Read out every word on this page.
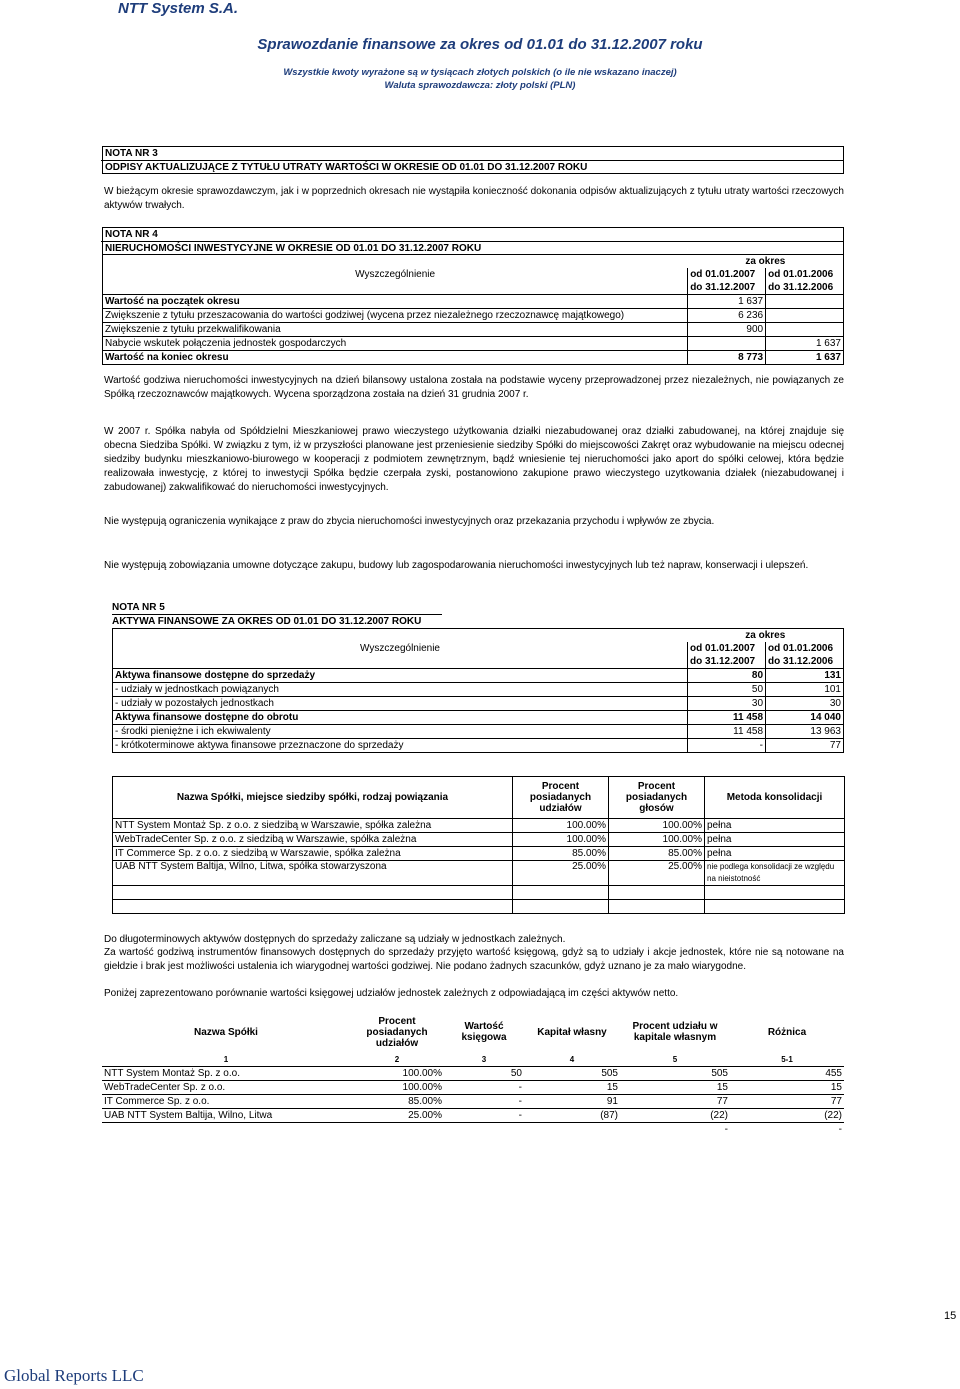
NTT System S.A.
Sprawozdanie finansowe za okres od 01.01 do 31.12.2007 roku
Wszystkie kwoty wyrażone są w tysiącach złotych polskich (o ile nie wskazano inaczej)
Waluta sprawozdawcza: złoty polski (PLN)
NOTA NR 3
ODPISY AKTUALIZUJĄCE Z TYTUŁU UTRATY WARTOŚCI W OKRESIE OD 01.01 DO 31.12.2007 ROKU
W bieżącym okresie sprawozdawczym, jak i w poprzednich okresach nie wystąpiła konieczność dokonania odpisów aktualizujących z tytułu utraty wartości rzeczowych aktywów trwałych.
NOTA NR 4
NIERUCHOMOŚCI INWESTYCYJNE W OKRESIE OD 01.01 DO 31.12.2007 ROKU
Wyszczególnienie	za okres	
	od 01.01.2007	od 01.01.2006
	do 31.12.2007	do 31.12.2006
Wartość na początek okresu	1 637	
Zwiększenie z tytułu przeszacowania do wartości godziwej (wycena przez niezależnego rzeczoznawcę majątkowego)	6 236	
Zwiększenie z tytułu przekwalifikowania	900	
Nabycie wskutek połączenia jednostek gospodarczych		1 637
Wartość na koniec okresu	8 773	1 637
Wartość godziwa nieruchomości inwestycyjnych na dzień bilansowy ustalona została na podstawie wyceny przeprowadzonej przez niezależnych, nie powiązanych ze Spółką rzeczoznawców majątkowych. Wycena sporządzona została na dzień 31 grudnia 2007 r.
W 2007 r. Spółka nabyła od Spółdzielni Mieszkaniowej prawo wieczystego użytkowania działki niezabudowanej oraz działki zabudowanej, na której znajduje się obecna Siedziba Spółki. W związku z tym, iż w przyszłości planowane jest przeniesienie siedziby Spółki do miejscowości Zakręt oraz wybudowanie na miejscu odecnej siedziby budynku mieszkaniowo-biurowego w kooperacji z podmiotem zewnętrznym, bądź wniesienie tej nieruchomości jako aport do spółki celowej, która będzie realizowała inwestycję, z której to inwestycji Spółka będzie czerpała zyski, postanowiono zakupione prawo wieczystego uzytkowania działek (niezabudowanej i zabudowanej) zakwalifikować do nieruchomości inwestycyjnych.
Nie występują ograniczenia wynikające z praw do zbycia nieruchomości inwestycyjnych oraz przekazania przychodu i wpływów ze zbycia.
Nie występują zobowiązania umowne dotyczące zakupu, budowy lub zagospodarowania nieruchomości inwestycyjnych lub też napraw, konserwacji i ulepszeń.
NOTA NR 5
AKTYWA FINANSOWE ZA OKRES OD 01.01 DO 31.12.2007 ROKU
Wyszczególnienie	za okres	
	od 01.01.2007	od 01.01.2006
	do 31.12.2007	do 31.12.2006
Aktywa finansowe dostępne do sprzedaży	80	131
- udziały w jednostkach powiązanych	50	101
- udziały w pozostałych jednostkach	30	30
Aktywa finansowe dostępne do obrotu	11 458	14 040
- środki pieniężne i ich ekwiwalenty	11 458	13 963
- krótkoterminowe aktywa finansowe przeznaczone do sprzedaży	-	77
Nazwa Spółki, miejsce siedziby spółki, rodzaj powiązania	Procent posiadanych udziałów	Procent posiadanych głosów	Metoda konsolidacji
NTT System Montaż Sp. z o.o. z siedzibą w Warszawie, spółka zależna	100.00%	100.00%	pełna
WebTradeCenter Sp. z o.o. z siedzibą w Warszawie, spółka zależna	100.00%	100.00%	pełna
IT Commerce Sp. z o.o. z siedzibą w Warszawie, spółka zależna	85.00%	85.00%	pełna
UAB NTT System Baltija, Wilno, Litwa, spółka stowarzyszona	25.00%	25.00%	nie podlega konsolidacji ze względu na nieistotność

Do długoterminowych aktywów dostępnych do sprzedaży zaliczane są udziały w jednostkach zależnych.
Za wartość godziwą instrumentów finansowych dostępnych do sprzedaży przyjęto wartość księgową, gdyż są to udziały i akcje jednostek, które nie są notowane na giełdzie i brak jest możliwości ustalenia ich wiarygodnej wartości godziwej. Nie podano żadnych szacunków, gdyż uznano je za mało wiarygodne.
Poniżej zaprezentowano porównanie wartości księgowej udziałów jednostek zależnych z odpowiadającą im części aktywów netto.
Nazwa Spółki	Procent posiadanych udziałów	Wartość księgowa	Kapitał własny	Procent udziału w kapitale własnym	Różnica
1	2	3	4	5	5-1
NTT System Montaż Sp. z o.o.	100.00%	50	505	505	455
WebTradeCenter Sp. z o.o.	100.00%	-	15	15	15
IT Commerce Sp. z o.o.	85.00%	-	91	77	77
UAB NTT System Baltija, Wilno, Litwa	25.00%	-	(87)	(22)	(22)
				-	-
15
Global Reports LLC
